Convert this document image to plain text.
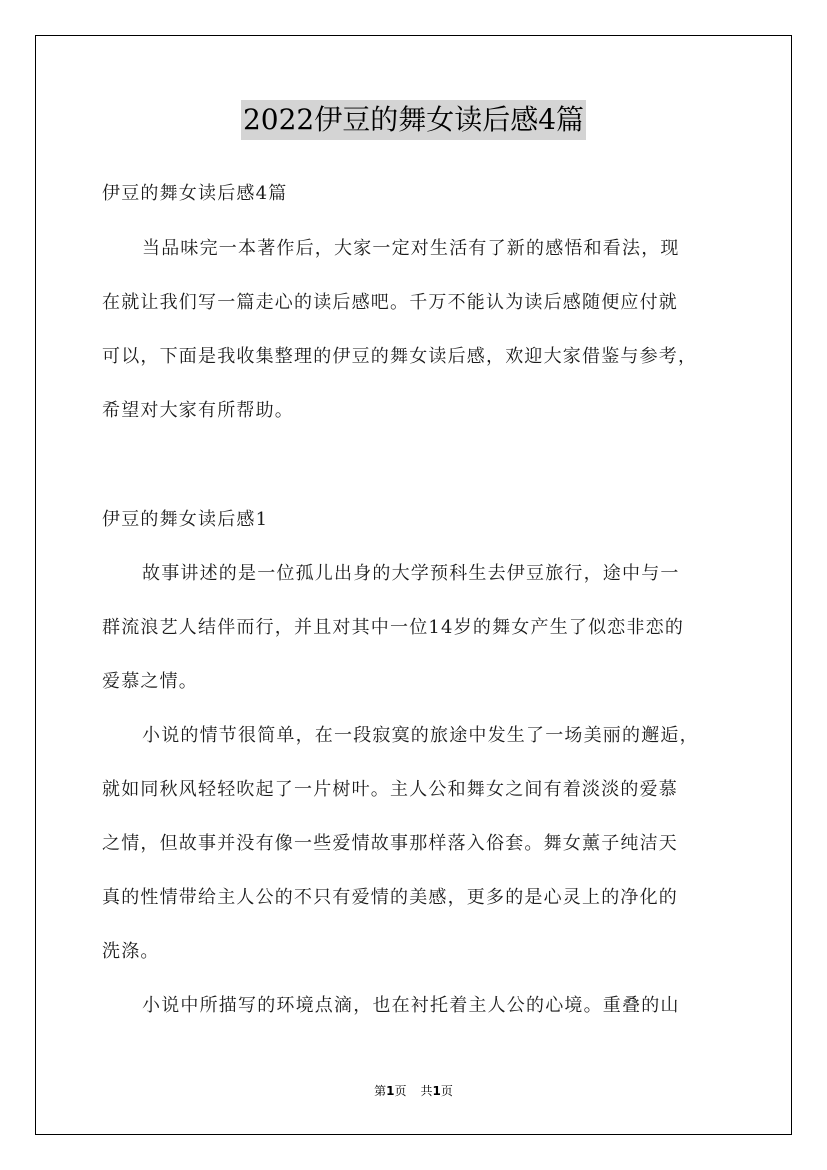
2022伊豆的舞女读后感4篇
伊豆的舞女读后感4篇
当品味完一本著作后，大家一定对生活有了新的感悟和看法，现
在就让我们写一篇走心的读后感吧。千万不能认为读后感随便应付就
可以，下面是我收集整理的伊豆的舞女读后感，欢迎大家借鉴与参考，
希望对大家有所帮助。
伊豆的舞女读后感1
故事讲述的是一位孤儿出身的大学预科生去伊豆旅行，途中与一
群流浪艺人结伴而行，并且对其中一位14岁的舞女产生了似恋非恋的
爱慕之情。
小说的情节很简单，在一段寂寞的旅途中发生了一场美丽的邂逅，
就如同秋风轻轻吹起了一片树叶。主人公和舞女之间有着淡淡的爱慕
之情，但故事并没有像一些爱情故事那样落入俗套。舞女薰子纯洁天
真的性情带给主人公的不只有爱情的美感，更多的是心灵上的净化的
洗涤。
小说中所描写的环境点滴，也在衬托着主人公的心境。重叠的山
第1页 共1页
